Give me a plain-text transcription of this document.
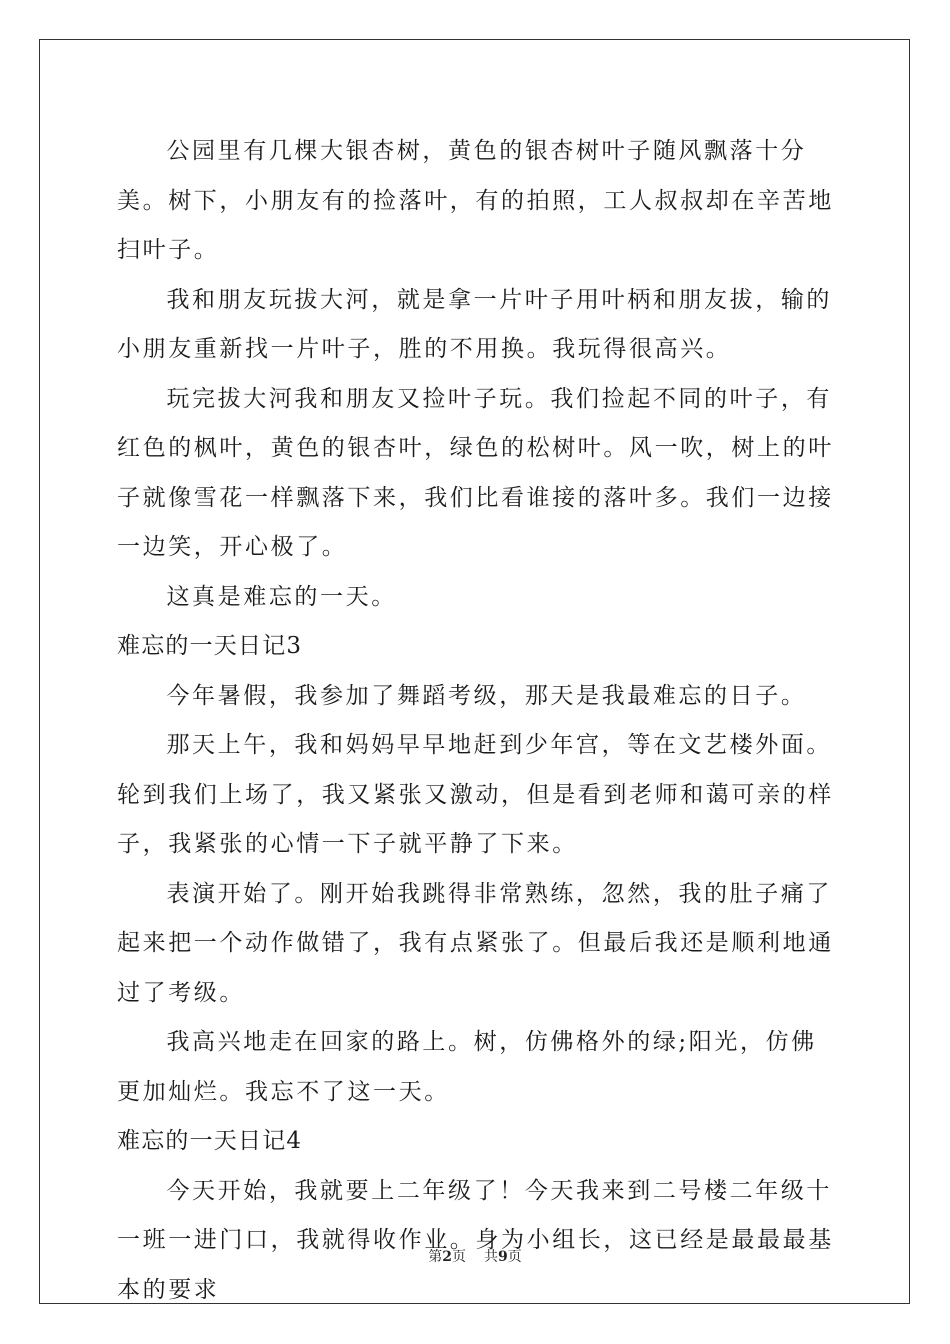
公园里有几棵大银杏树，黄色的银杏树叶子随风飘落十分美。树下，小朋友有的捡落叶，有的拍照，工人叔叔却在辛苦地扫叶子。

我和朋友玩拔大河，就是拿一片叶子用叶柄和朋友拔，输的小朋友重新找一片叶子，胜的不用换。我玩得很高兴。

玩完拔大河我和朋友又捡叶子玩。我们捡起不同的叶子，有红色的枫叶，黄色的银杏叶，绿色的松树叶。风一吹，树上的叶子就像雪花一样飘落下来，我们比看谁接的落叶多。我们一边接一边笑，开心极了。

这真是难忘的一天。

难忘的一天日记3

今年暑假，我参加了舞蹈考级，那天是我最难忘的日子。

那天上午，我和妈妈早早地赶到少年宫，等在文艺楼外面。轮到我们上场了，我又紧张又激动，但是看到老师和蔼可亲的样子，我紧张的心情一下子就平静了下来。

表演开始了。刚开始我跳得非常熟练，忽然，我的肚子痛了起来把一个动作做错了，我有点紧张了。但最后我还是顺利地通过了考级。

我高兴地走在回家的路上。树，仿佛格外的绿;阳光，仿佛更加灿烂。我忘不了这一天。

难忘的一天日记4

今天开始，我就要上二年级了！今天我来到二号楼二年级十一班一进门口，我就得收作业。身为小组长，这已经是最最最基本的要求

第2页 共9页
